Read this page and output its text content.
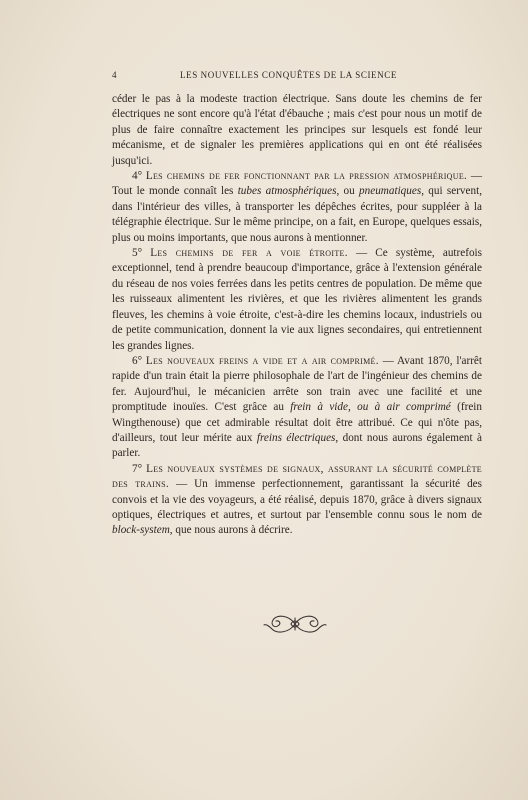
4	LES NOUVELLES CONQUÊTES DE LA SCIENCE

céder le pas à la modeste traction électrique. Sans doute les chemins de fer électriques ne sont encore qu'à l'état d'ébauche ; mais c'est pour nous un motif de plus de faire connaître exactement les principes sur lesquels est fondé leur mécanisme, et de signaler les premières applications qui en ont été réalisées jusqu'ici.

4° Les chemins de fer fonctionnant par la pression atmosphérique. — Tout le monde connaît les tubes atmosphériques, ou pneumatiques, qui servent, dans l'intérieur des villes, à transporter les dépêches écrites, pour suppléer à la télégraphie électrique. Sur le même principe, on a fait, en Europe, quelques essais, plus ou moins importants, que nous aurons à mentionner.

5° Les chemins de fer a voie étroite. — Ce système, autrefois exceptionnel, tend à prendre beaucoup d'importance, grâce à l'extension générale du réseau de nos voies ferrées dans les petits centres de population. De même que les ruisseaux alimentent les rivières, et que les rivières alimentent les grands fleuves, les chemins à voie étroite, c'est-à-dire les chemins locaux, industriels ou de petite communication, donnent la vie aux lignes secondaires, qui entretiennent les grandes lignes.

6° Les nouveaux freins a vide et a air comprimé. — Avant 1870, l'arrêt rapide d'un train était la pierre philosophale de l'art de l'ingénieur des chemins de fer. Aujourd'hui, le mécanicien arrête son train avec une facilité et une promptitude inouïes. C'est grâce au frein à vide, ou à air comprimé (frein Wingthenouse) que cet admirable résultat doit être attribué. Ce qui n'ôte pas, d'ailleurs, tout leur mérite aux freins électriques, dont nous aurons également à parler.

7° Les nouveaux systèmes de signaux, assurant la sécurité complète des trains. — Un immense perfectionnement, garantissant la sécurité des convois et la vie des voyageurs, a été réalisé, depuis 1870, grâce à divers signaux optiques, électriques et autres, et surtout par l'ensemble connu sous le nom de block-system, que nous aurons à décrire.
